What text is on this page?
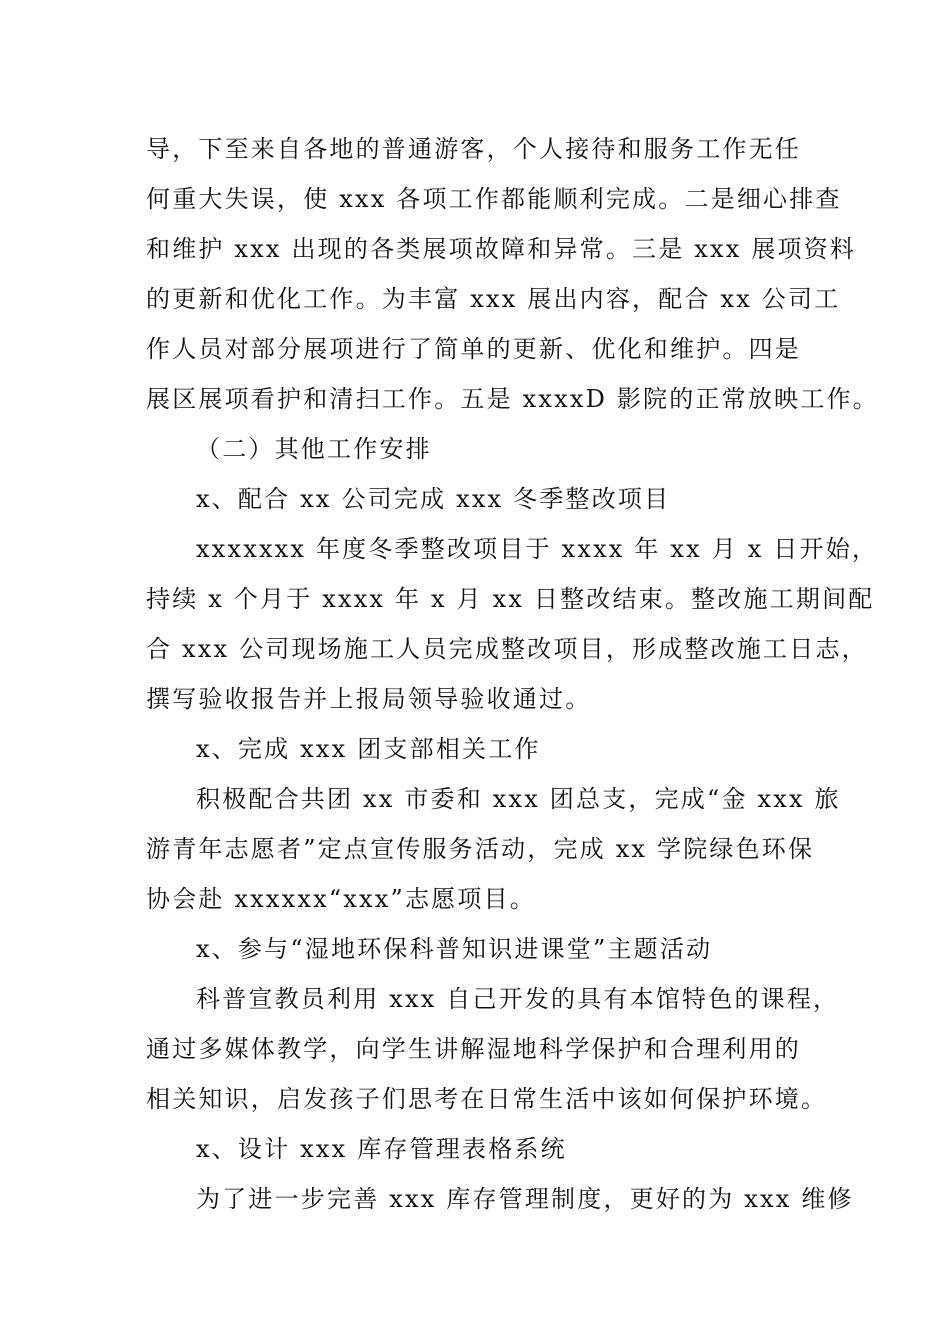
导，下至来自各地的普通游客，个人接待和服务工作无任
何重大失误，使 xxx 各项工作都能顺利完成。二是细心排查
和维护 xxx 出现的各类展项故障和异常。三是 xxx 展项资料
的更新和优化工作。为丰富 xxx 展出内容，配合 xx 公司工
作人员对部分展项进行了简单的更新、优化和维护。四是
展区展项看护和清扫工作。五是 xxxxD 影院的正常放映工作。
（二）其他工作安排
x、配合 xx 公司完成 xxx 冬季整改项目
xxxxxxx 年度冬季整改项目于 xxxx 年 xx 月 x 日开始，
持续 x 个月于 xxxx 年 x 月 xx 日整改结束。整改施工期间配
合 xxx 公司现场施工人员完成整改项目，形成整改施工日志，
撰写验收报告并上报局领导验收通过。
x、完成 xxx 团支部相关工作
积极配合共团 xx 市委和 xxx 团总支，完成“金 xxx 旅
游青年志愿者”定点宣传服务活动，完成 xx 学院绿色环保
协会赴 xxxxxx“xxx”志愿项目。
x、参与“湿地环保科普知识进课堂”主题活动
科普宣教员利用 xxx 自己开发的具有本馆特色的课程，
通过多媒体教学，向学生讲解湿地科学保护和合理利用的
相关知识，启发孩子们思考在日常生活中该如何保护环境。
x、设计 xxx 库存管理表格系统
为了进一步完善 xxx 库存管理制度，更好的为 xxx 维修
